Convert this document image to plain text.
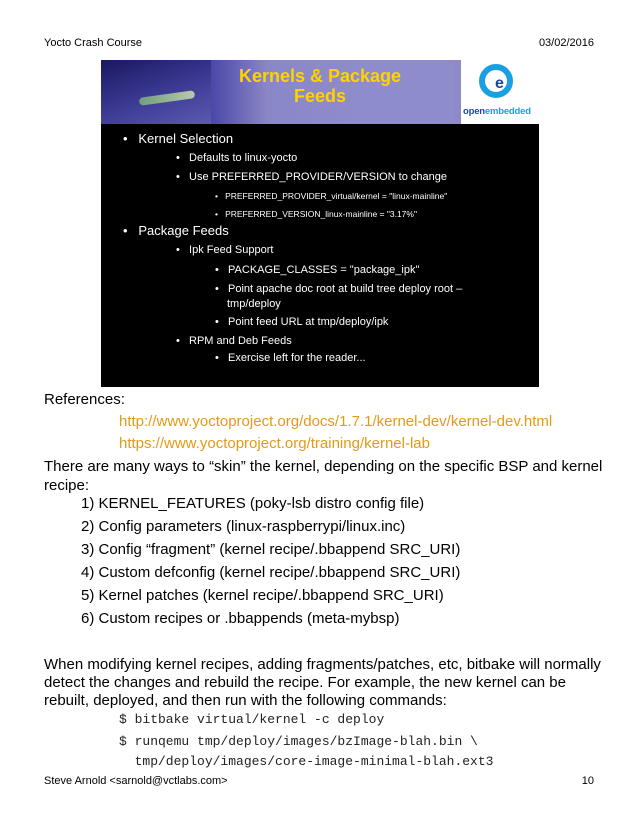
Yocto Crash Course	03/02/2016
Kernels & Package
Feeds
e
openembedded
•   Kernel Selection
•   Defaults to linux-yocto
•   Use PREFERRED_PROVIDER/VERSION to change
•   PREFERRED_PROVIDER_virtual/kernel = "linux-mainline"
•   PREFERRED_VERSION_linux-mainline = "3.17%"
•   Package Feeds
•   Ipk Feed Support
•   PACKAGE_CLASSES = "package_ipk"
•   Point apache doc root at build tree deploy root –
tmp/deploy
•   Point feed URL at tmp/deploy/ipk
•   RPM and Deb Feeds
•   Exercise left for the reader...
References:
http://www.yoctoproject.org/docs/1.7.1/kernel-dev/kernel-dev.html
https://www.yoctoproject.org/training/kernel-lab
There are many ways to “skin” the kernel, depending on the specific BSP and kernel
recipe:
1) KERNEL_FEATURES (poky-lsb distro config file)
2) Config parameters (linux-raspberrypi/linux.inc)
3) Config “fragment” (kernel recipe/.bbappend SRC_URI)
4) Custom defconfig (kernel recipe/.bbappend SRC_URI)
5) Kernel patches (kernel recipe/.bbappend SRC_URI)
6) Custom recipes or .bbappends (meta-mybsp)
When modifying kernel recipes, adding fragments/patches, etc, bitbake will normally
detect the changes and rebuild the recipe. For example, the new kernel can be
rebuilt, deployed, and then run with the following commands:
$ bitbake virtual/kernel -c deploy
$ runqemu tmp/deploy/images/bzImage-blah.bin \
tmp/deploy/images/core-image-minimal-blah.ext3
Steve Arnold <sarnold@vctlabs.com>	10
